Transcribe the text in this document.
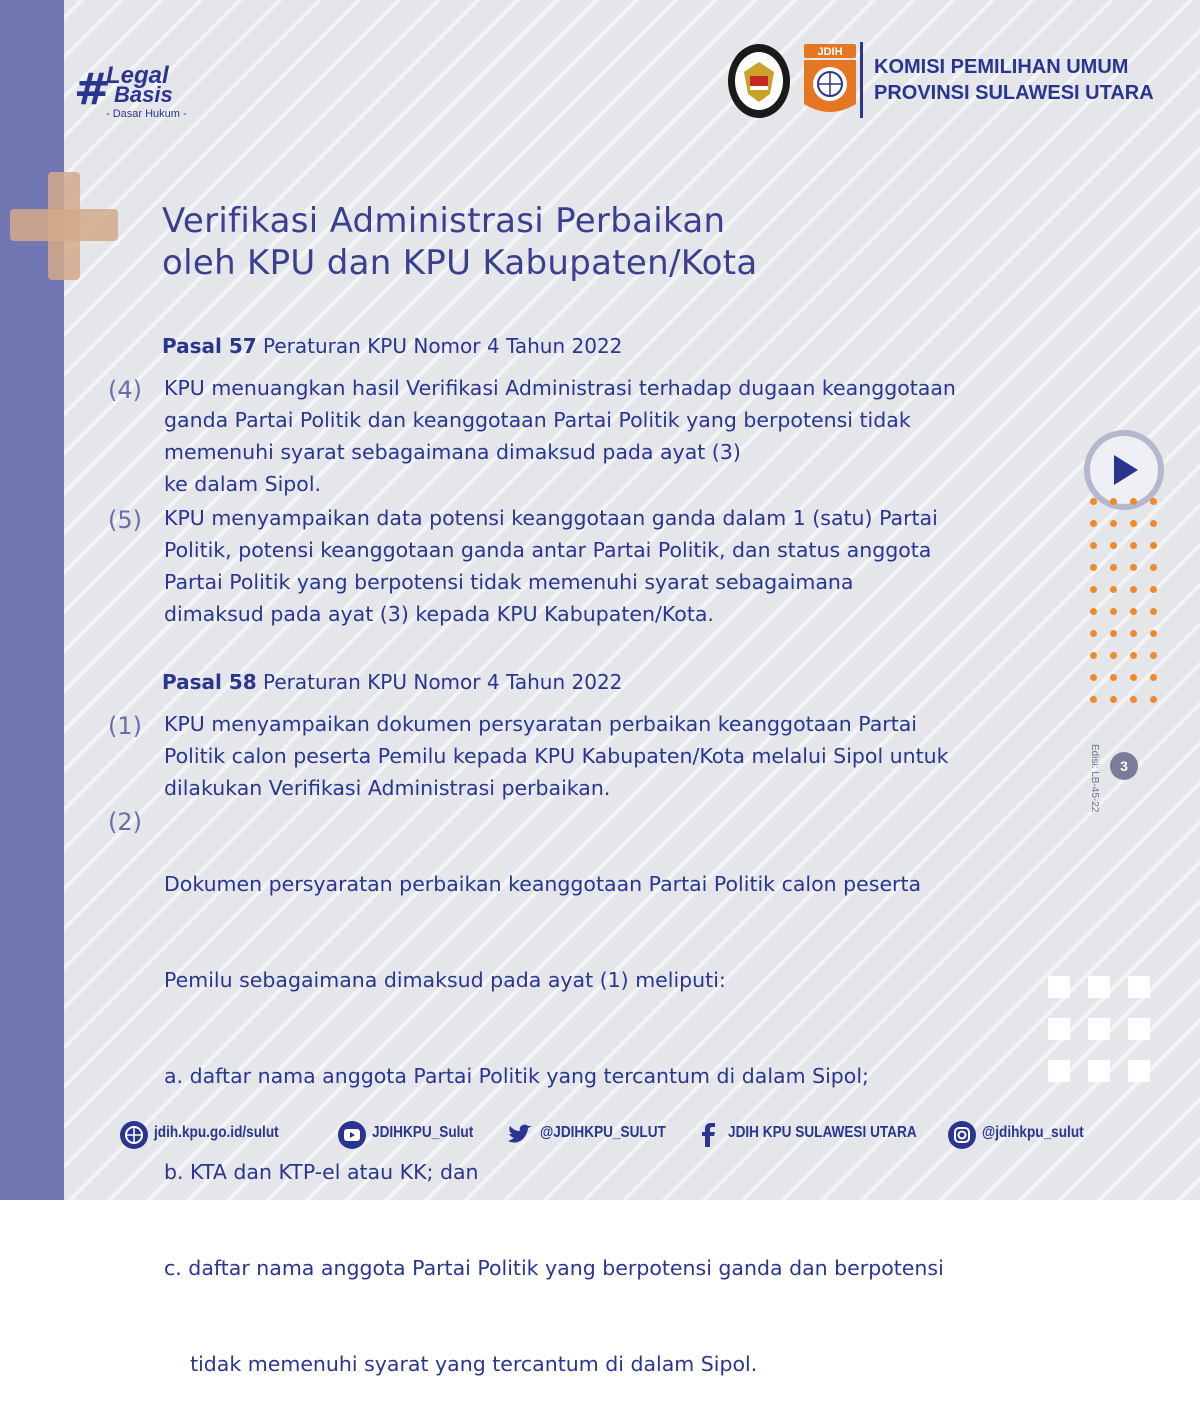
#
Legal
Basis
- Dasar Hukum -
JDIH
KOMISI PEMILIHAN UMUM
PROVINSI SULAWESI UTARA
Verifikasi Administrasi Perbaikan
oleh KPU dan KPU Kabupaten/Kota
Pasal 57 Peraturan KPU Nomor 4 Tahun 2022
(4) KPU menuangkan hasil Verifikasi Administrasi terhadap dugaan keanggotaan
ganda Partai Politik dan keanggotaan Partai Politik yang berpotensi tidak
memenuhi syarat sebagaimana dimaksud pada ayat (3)
ke dalam Sipol.
(5) KPU menyampaikan data potensi keanggotaan ganda dalam 1 (satu) Partai
Politik, potensi keanggotaan ganda antar Partai Politik, dan status anggota
Partai Politik yang berpotensi tidak memenuhi syarat sebagaimana
dimaksud pada ayat (3) kepada KPU Kabupaten/Kota.
Pasal 58 Peraturan KPU Nomor 4 Tahun 2022
(1) KPU menyampaikan dokumen persyaratan perbaikan keanggotaan Partai
Politik calon peserta Pemilu kepada KPU Kabupaten/Kota melalui Sipol untuk
dilakukan Verifikasi Administrasi perbaikan.
(2)

Dokumen persyaratan perbaikan keanggotaan Partai Politik calon peserta

Pemilu sebagaimana dimaksud pada ayat (1) meliputi:

a. daftar nama anggota Partai Politik yang tercantum di dalam Sipol;

b. KTA dan KTP-el atau KK; dan

c. daftar nama anggota Partai Politik yang berpotensi ganda dan berpotensi

tidak memenuhi syarat yang tercantum di dalam Sipol.

Edisi: LB-45-22	3
jdih.kpu.go.id/sulut	JDIHKPU_Sulut	@JDIHKPU_SULUT	JDIH KPU SULAWESI UTARA	@jdihkpu_sulut
